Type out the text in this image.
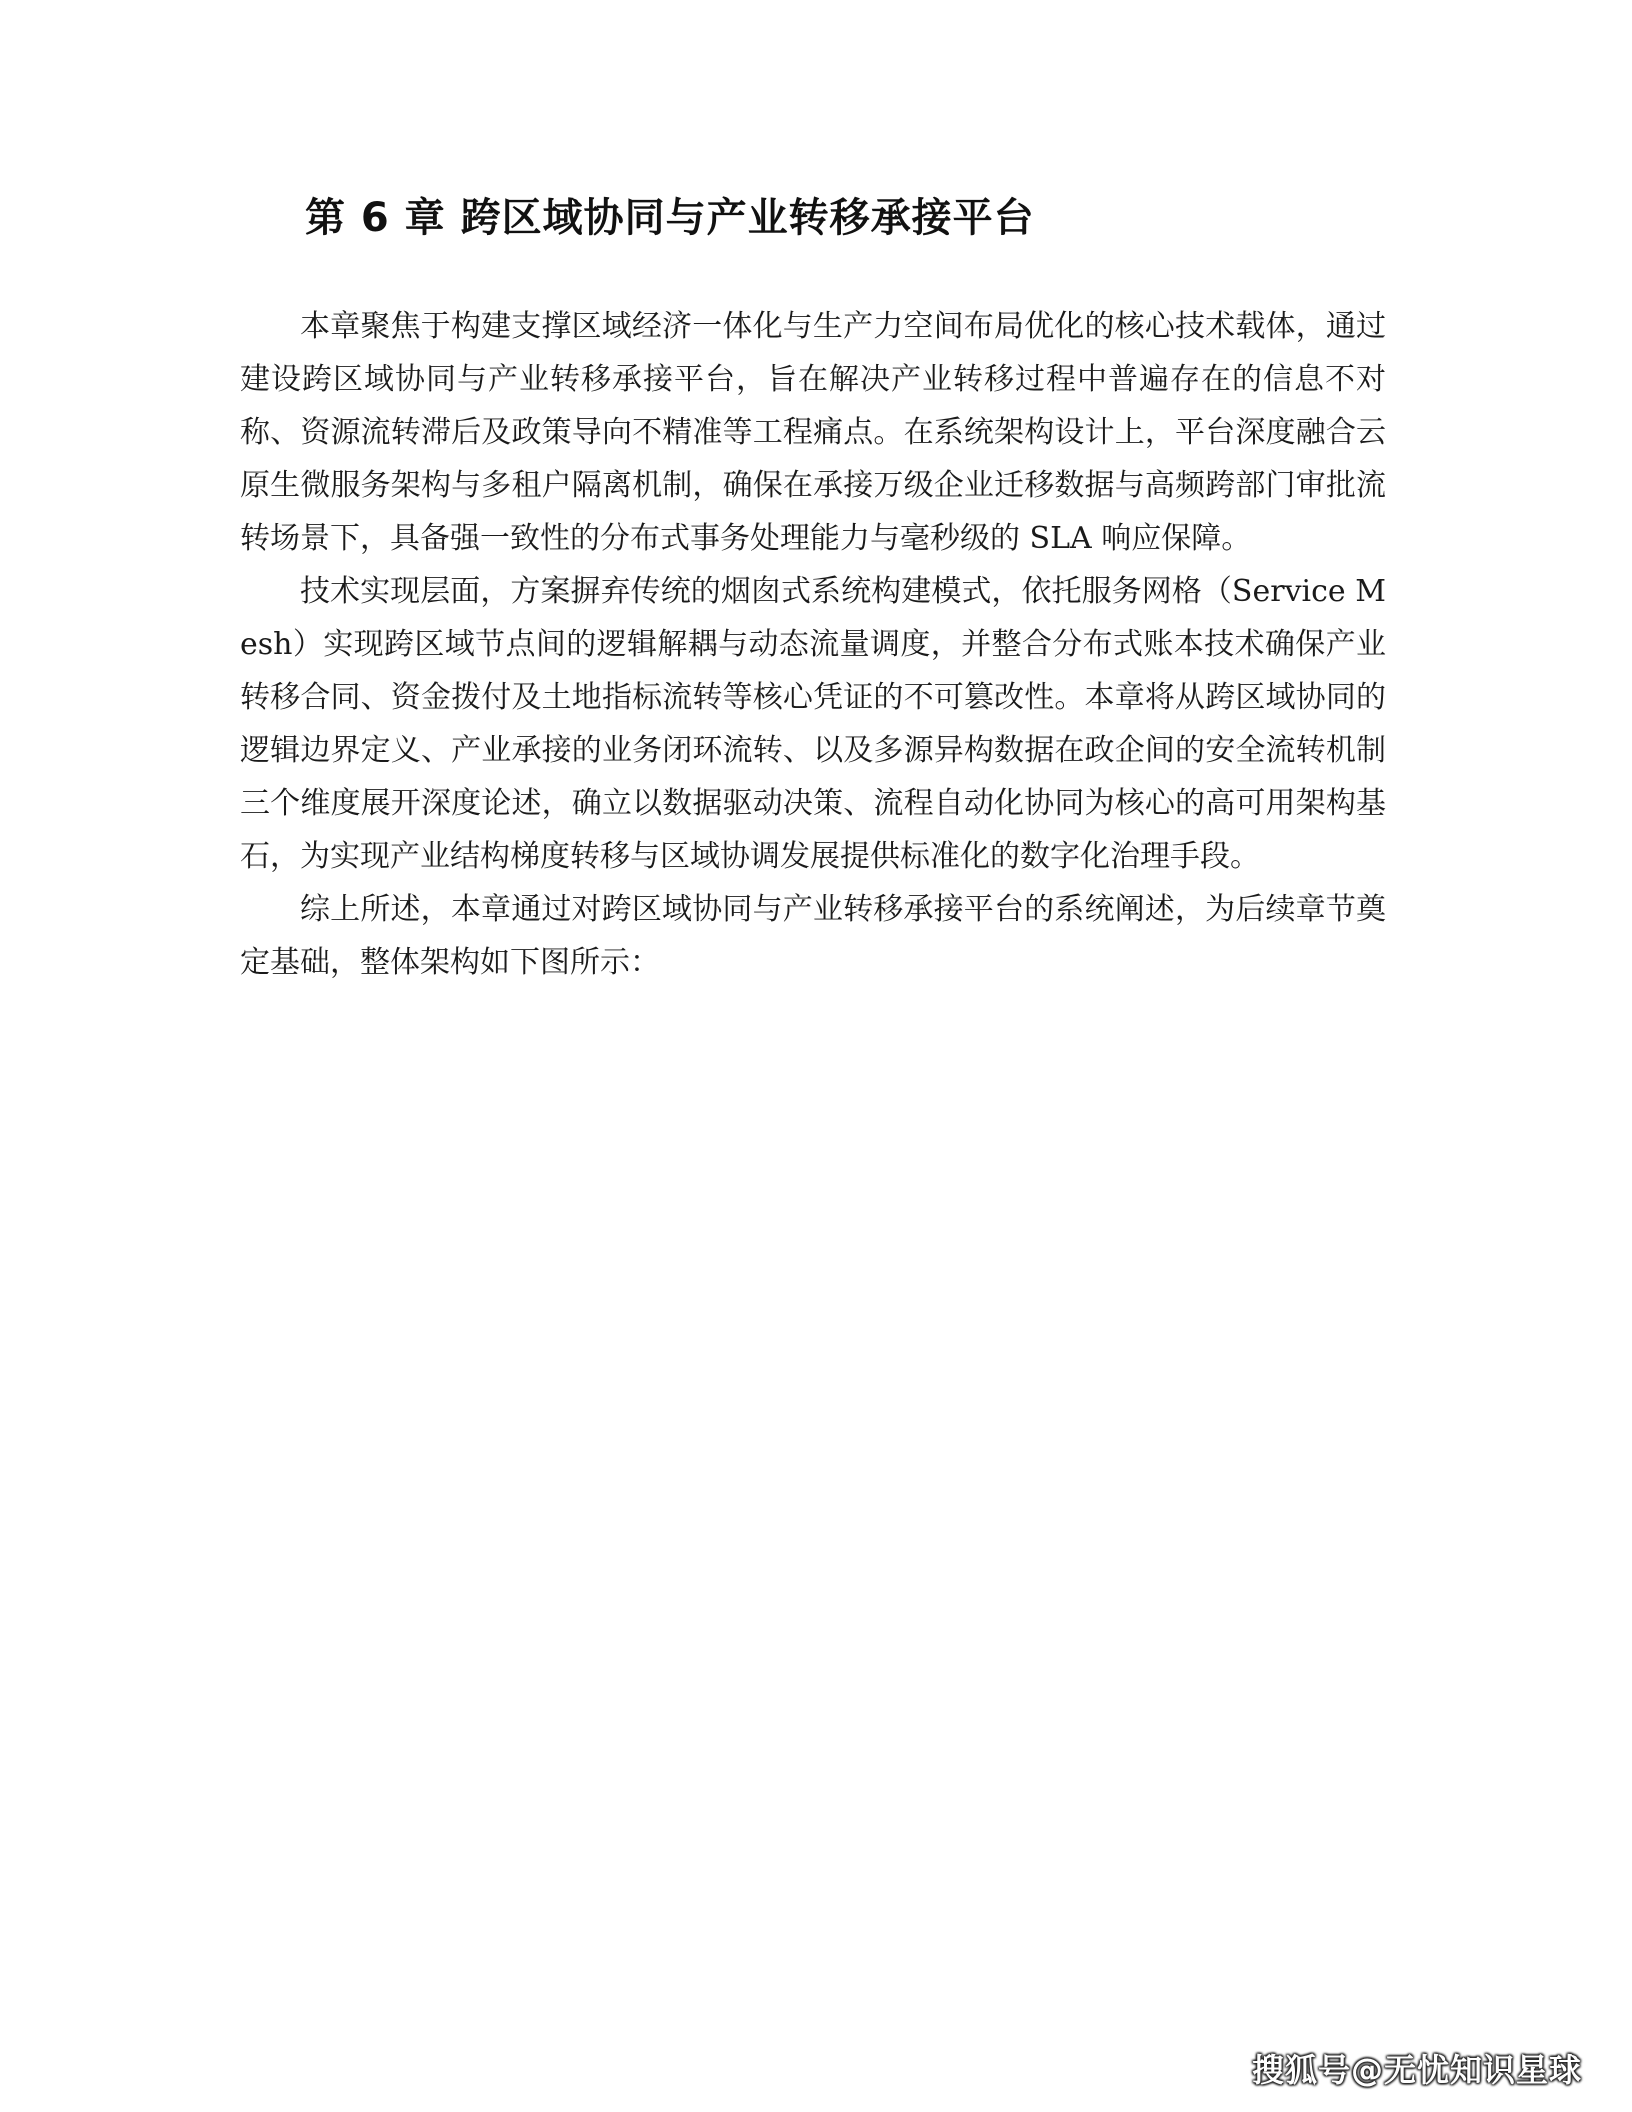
第 6 章 跨区域协同与产业转移承接平台

本章聚焦于构建支撑区域经济一体化与生产力空间布局优化的核心技术载体，通过建设跨区域协同与产业转移承接平台，旨在解决产业转移过程中普遍存在的信息不对称、资源流转滞后及政策导向不精准等工程痛点。在系统架构设计上，平台深度融合云原生微服务架构与多租户隔离机制，确保在承接万级企业迁移数据与高频跨部门审批流转场景下，具备强一致性的分布式事务处理能力与毫秒级的 SLA 响应保障。

技术实现层面，方案摒弃传统的烟囱式系统构建模式，依托服务网格（Service Mesh）实现跨区域节点间的逻辑解耦与动态流量调度，并整合分布式账本技术确保产业转移合同、资金拨付及土地指标流转等核心凭证的不可篡改性。本章将从跨区域协同的逻辑边界定义、产业承接的业务闭环流转、以及多源异构数据在政企间的安全流转机制三个维度展开深度论述，确立以数据驱动决策、流程自动化协同为核心的高可用架构基石，为实现产业结构梯度转移与区域协调发展提供标准化的数字化治理手段。

综上所述，本章通过对跨区域协同与产业转移承接平台的系统阐述，为后续章节奠定基础，整体架构如下图所示：

搜狐号@无忧知识星球
